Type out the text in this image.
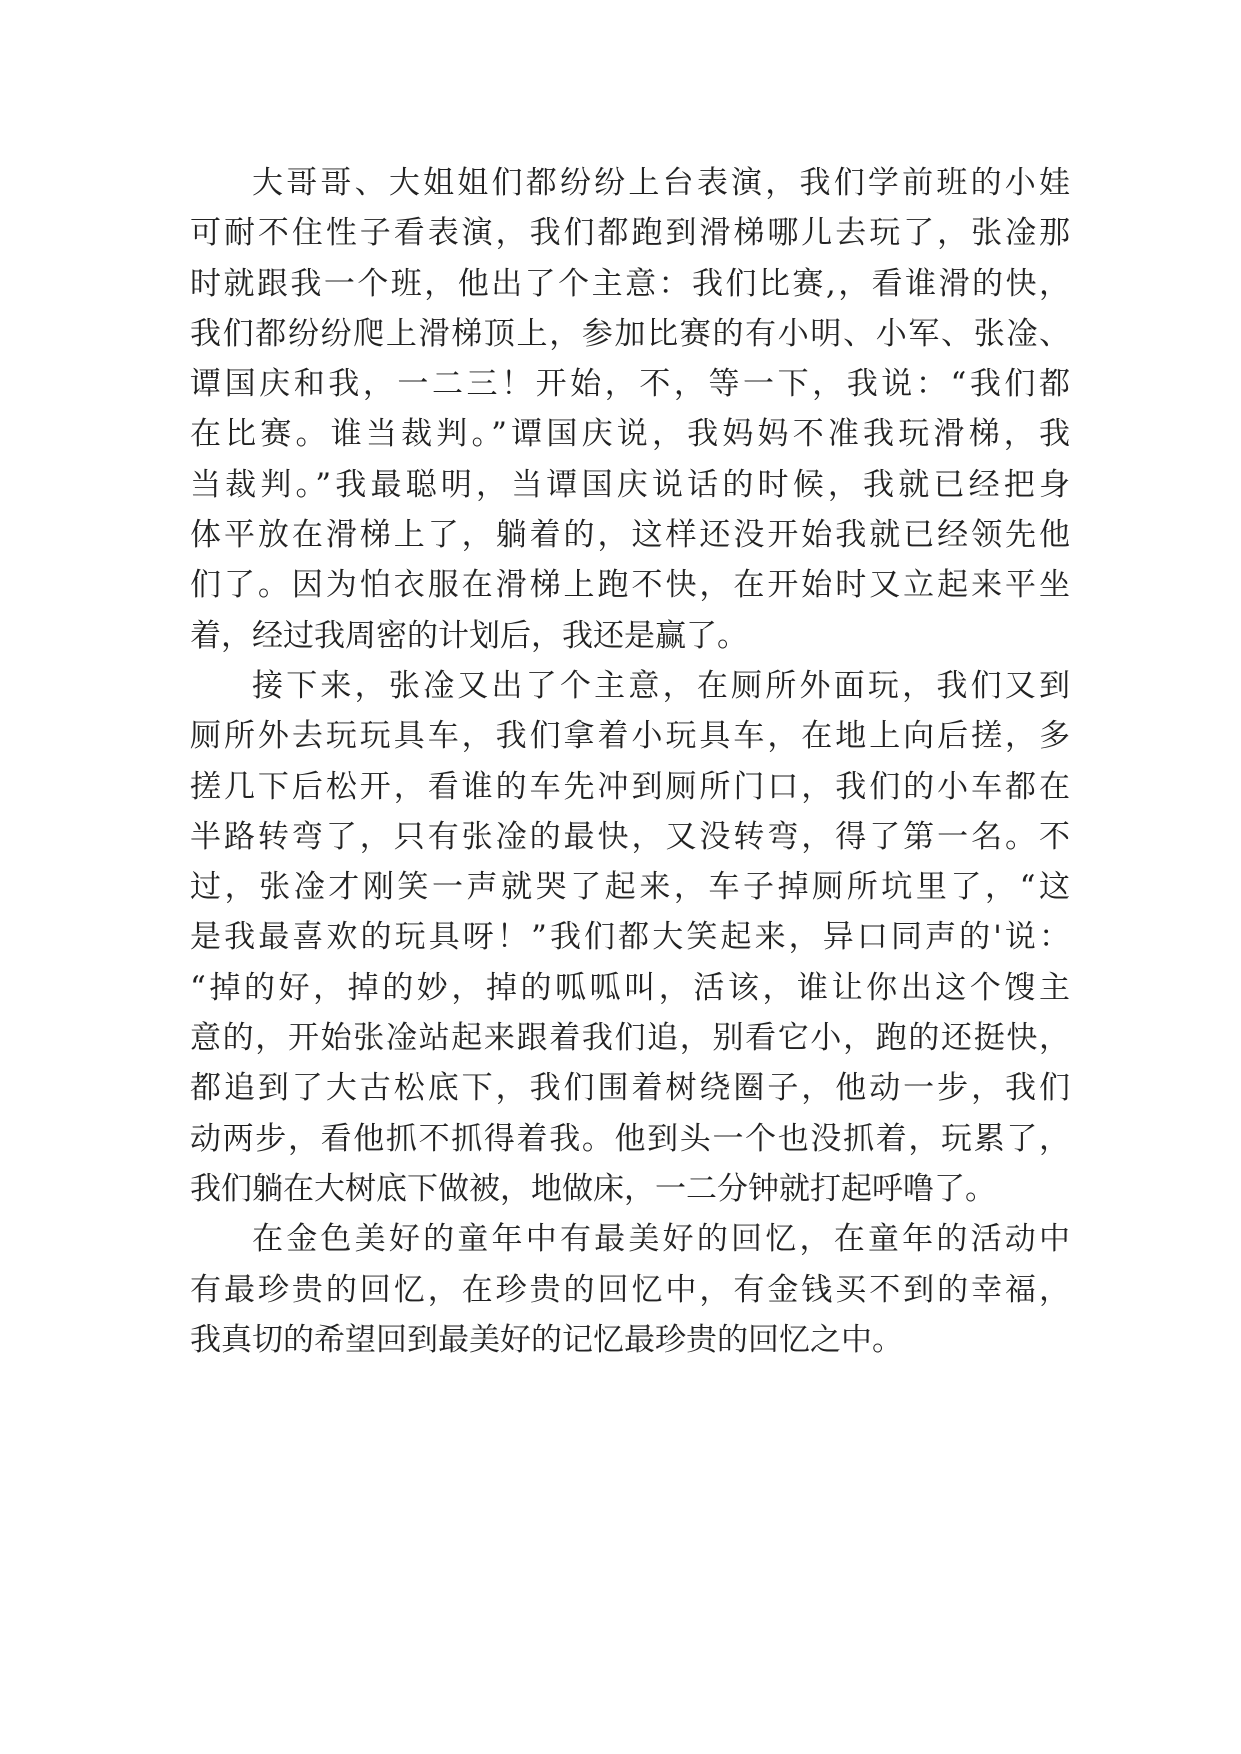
大哥哥、大姐姐们都纷纷上台表演，我们学前班的小娃
可耐不住性子看表演，我们都跑到滑梯哪儿去玩了，张凎那
时就跟我一个班，他出了个主意：我们比赛,，看谁滑的快，
我们都纷纷爬上滑梯顶上，参加比赛的有小明、小军、张凎、
谭国庆和我，一二三！开始，不，等一下，我说：“我们都
在比赛。谁当裁判。”谭国庆说，我妈妈不准我玩滑梯，我
当裁判。”我最聪明，当谭国庆说话的时候，我就已经把身
体平放在滑梯上了，躺着的，这样还没开始我就已经领先他
们了。因为怕衣服在滑梯上跑不快，在开始时又立起来平坐
着，经过我周密的计划后，我还是赢了。
接下来，张凎又出了个主意，在厕所外面玩，我们又到
厕所外去玩玩具车，我们拿着小玩具车，在地上向后搓，多
搓几下后松开，看谁的车先冲到厕所门口，我们的小车都在
半路转弯了，只有张凎的最快，又没转弯，得了第一名。不
过，张凎才刚笑一声就哭了起来，车子掉厕所坑里了，“这
是我最喜欢的玩具呀！”我们都大笑起来，异口同声的'说：
“掉的好，掉的妙，掉的呱呱叫，活该，谁让你出这个馊主
意的，开始张凎站起来跟着我们追，别看它小，跑的还挺快，
都追到了大古松底下，我们围着树绕圈子，他动一步，我们
动两步，看他抓不抓得着我。他到头一个也没抓着，玩累了，
我们躺在大树底下做被，地做床，一二分钟就打起呼噜了。
在金色美好的童年中有最美好的回忆，在童年的活动中
有最珍贵的回忆，在珍贵的回忆中，有金钱买不到的幸福，
我真切的希望回到最美好的记忆最珍贵的回忆之中。
